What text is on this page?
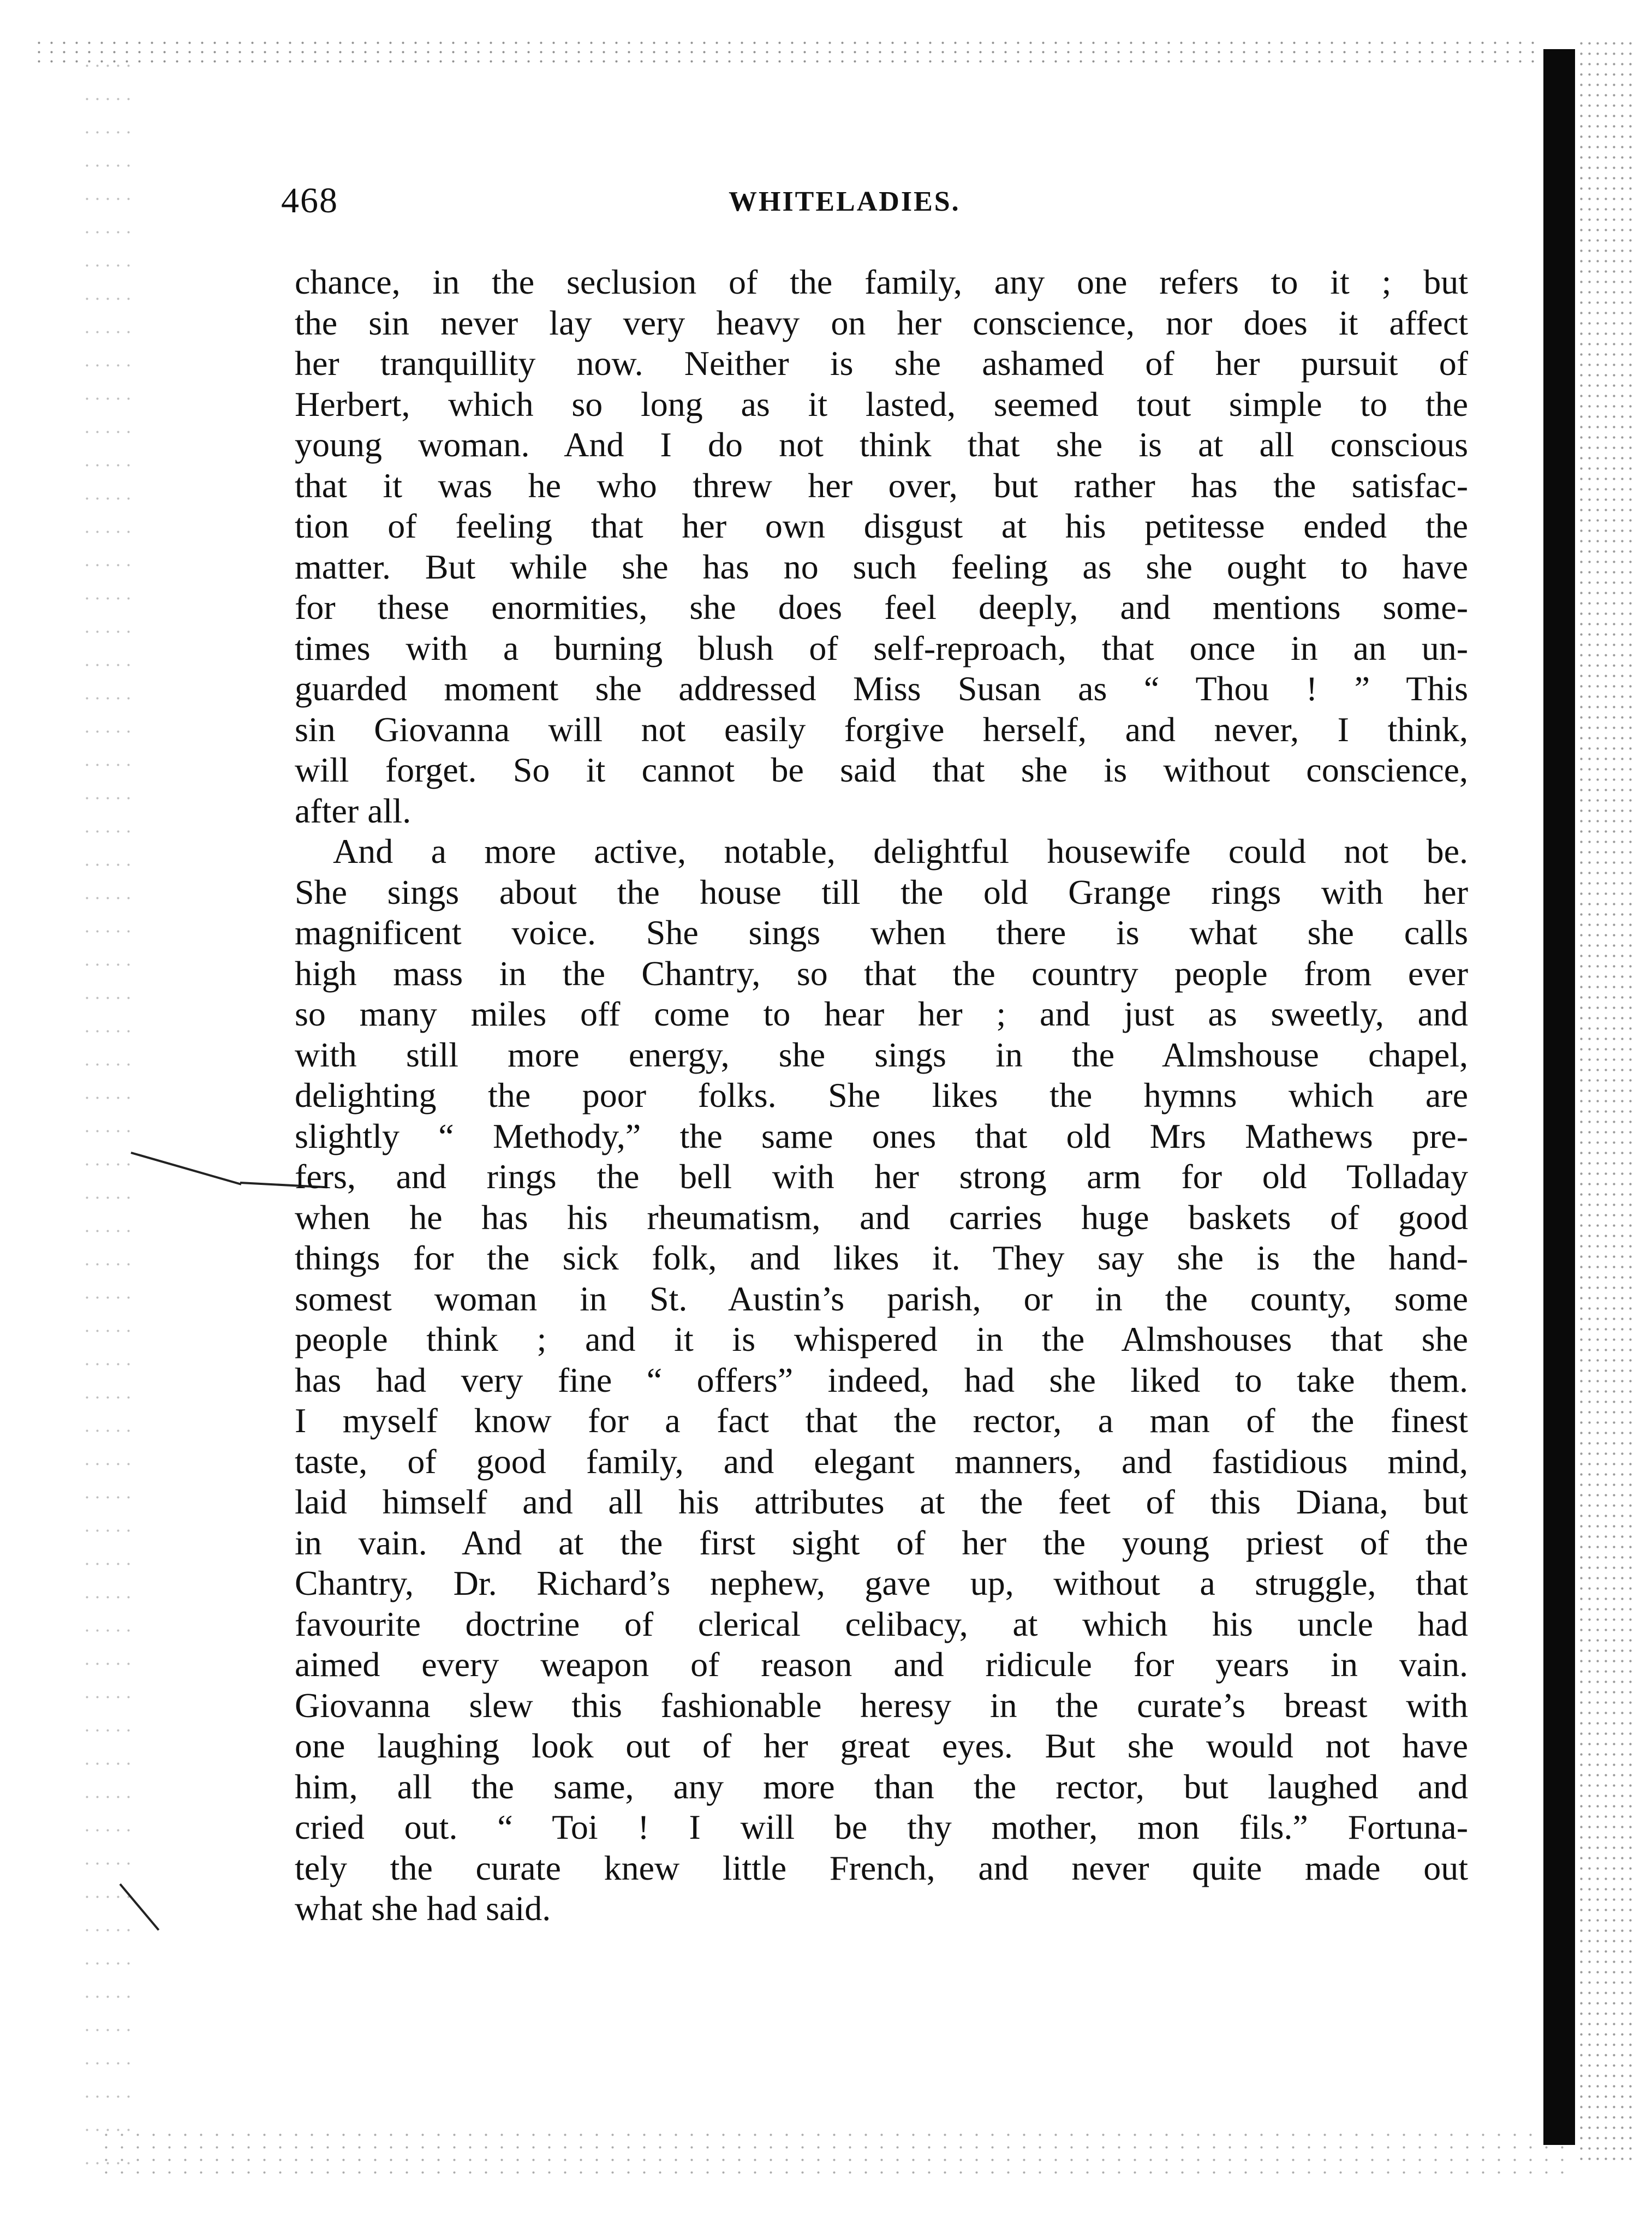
468	WHITELADIES.
chance, in the seclusion of the family, any one refers to it ; but
the sin never lay very heavy on her conscience, nor does it affect
her tranquillity now. Neither is she ashamed of her pursuit of
Herbert, which so long as it lasted, seemed tout simple to the
young woman. And I do not think that she is at all conscious
that it was he who threw her over, but rather has the satisfac-
tion of feeling that her own disgust at his petitesse ended the
matter. But while she has no such feeling as she ought to have
for these enormities, she does feel deeply, and mentions some-
times with a burning blush of self-reproach, that once in an un-
guarded moment she addressed Miss Susan as “ Thou ! ” This
sin Giovanna will not easily forgive herself, and never, I think,
will forget. So it cannot be said that she is without conscience,
after all.
And a more active, notable, delightful housewife could not be.
She sings about the house till the old Grange rings with her
magnificent voice. She sings when there is what she calls
high mass in the Chantry, so that the country people from ever
so many miles off come to hear her ; and just as sweetly, and
with still more energy, she sings in the Almshouse chapel,
delighting the poor folks. She likes the hymns which are
slightly “ Methody,” the same ones that old Mrs Mathews pre-
fers, and rings the bell with her strong arm for old Tolladay
when he has his rheumatism, and carries huge baskets of good
things for the sick folk, and likes it. They say she is the hand-
somest woman in St. Austin’s parish, or in the county, some
people think ; and it is whispered in the Almshouses that she
has had very fine “ offers” indeed, had she liked to take them.
I myself know for a fact that the rector, a man of the finest
taste, of good family, and elegant manners, and fastidious mind,
laid himself and all his attributes at the feet of this Diana, but
in vain. And at the first sight of her the young priest of the
Chantry, Dr. Richard’s nephew, gave up, without a struggle, that
favourite doctrine of clerical celibacy, at which his uncle had
aimed every weapon of reason and ridicule for years in vain.
Giovanna slew this fashionable heresy in the curate’s breast with
one laughing look out of her great eyes. But she would not have
him, all the same, any more than the rector, but laughed and
cried out. “ Toi ! I will be thy mother, mon fils.” Fortuna-
tely the curate knew little French, and never quite made out
what she had said.
